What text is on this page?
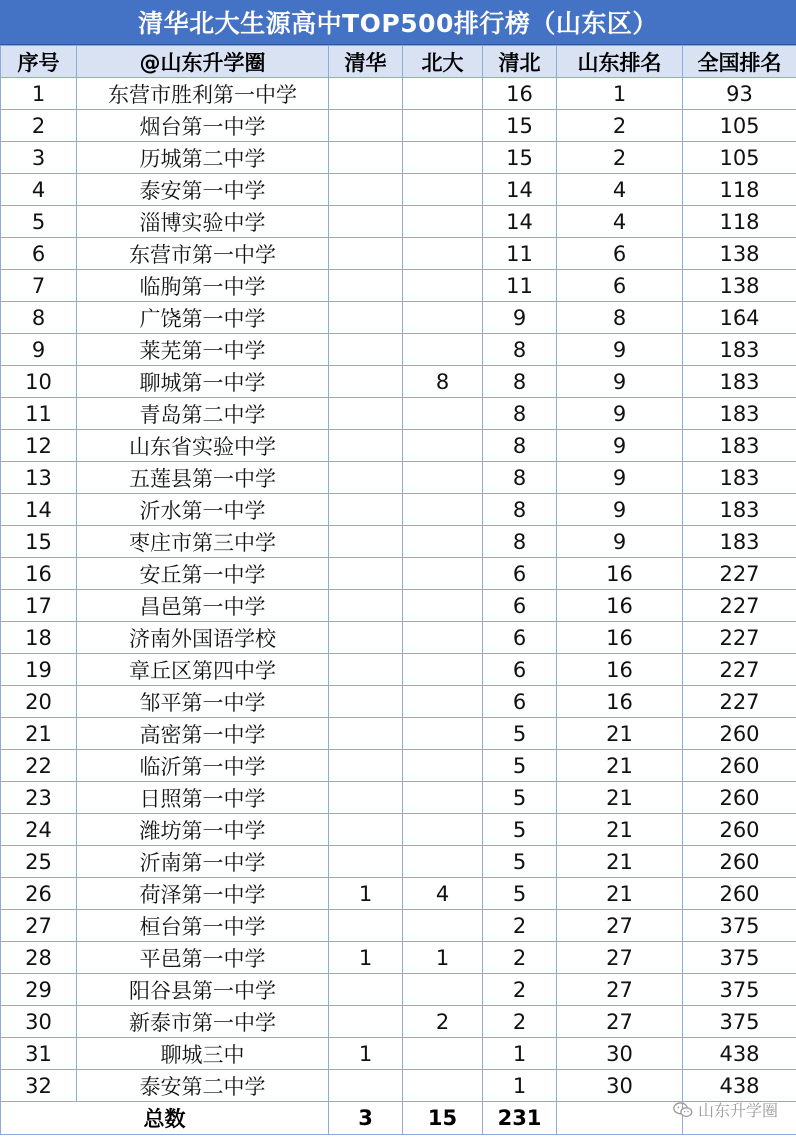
清华北大生源高中TOP500排行榜（山东区）
序号	@山东升学圈	清华	北大	清北	山东排名	全国排名
1	东营市胜利第一中学			16	1	93
2	烟台第一中学			15	2	105
3	历城第二中学			15	2	105
4	泰安第一中学			14	4	118
5	淄博实验中学			14	4	118
6	东营市第一中学			11	6	138
7	临朐第一中学			11	6	138
8	广饶第一中学			9	8	164
9	莱芜第一中学			8	9	183
10	聊城第一中学		8	8	9	183
11	青岛第二中学			8	9	183
12	山东省实验中学			8	9	183
13	五莲县第一中学			8	9	183
14	沂水第一中学			8	9	183
15	枣庄市第三中学			8	9	183
16	安丘第一中学			6	16	227
17	昌邑第一中学			6	16	227
18	济南外国语学校			6	16	227
19	章丘区第四中学			6	16	227
20	邹平第一中学			6	16	227
21	高密第一中学			5	21	260
22	临沂第一中学			5	21	260
23	日照第一中学			5	21	260
24	潍坊第一中学			5	21	260
25	沂南第一中学			5	21	260
26	荷泽第一中学	1	4	5	21	260
27	桓台第一中学			2	27	375
28	平邑第一中学	1	1	2	27	375
29	阳谷县第一中学			2	27	375
30	新泰市第一中学		2	2	27	375
31	聊城三中	1		1	30	438
32	泰安第二中学			1	30	438
总数		3	15	231			山东升学圈
